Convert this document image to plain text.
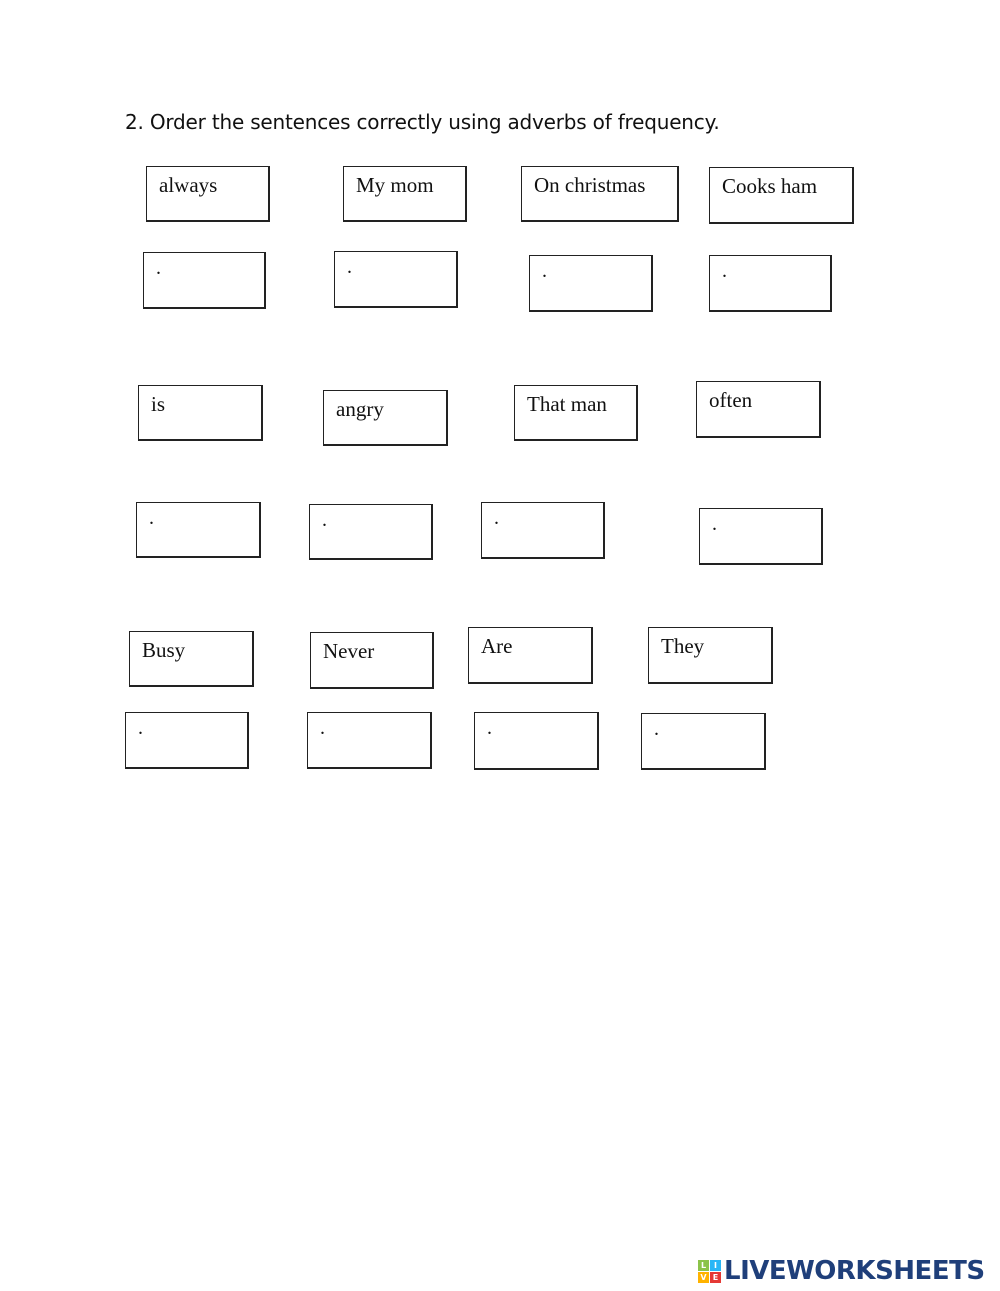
2. Order the sentences correctly using adverbs of frequency.
always	My mom	On christmas	Cooks ham
.	.	.	.
is	angry	That man	often
.	.	.	.
Busy	Never	Are	They
.	.	.	.
L I
V E LIVEWORKSHEETS
